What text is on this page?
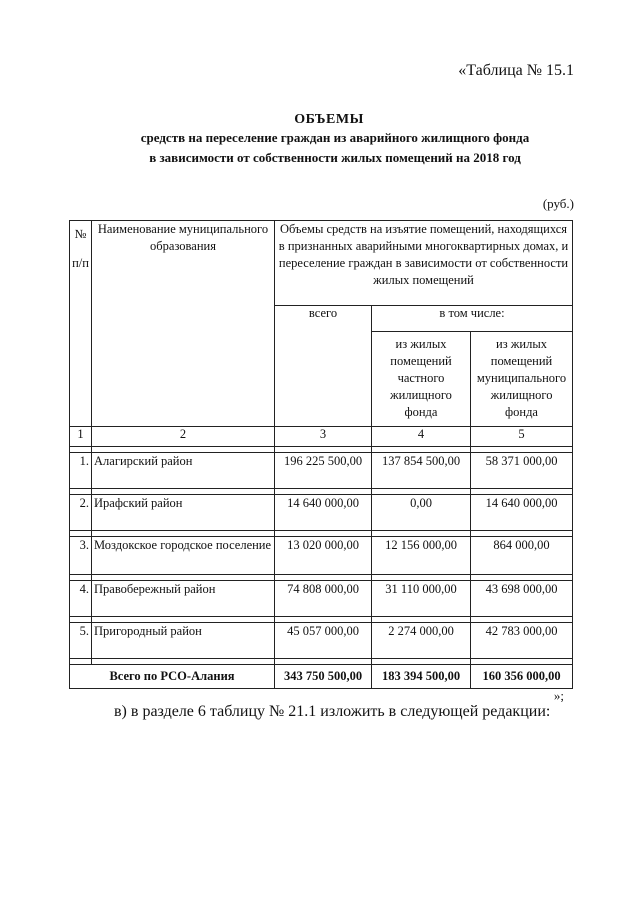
«Таблица № 15.1
ОБЪЕМЫ
средств на переселение граждан из аварийного жилищного фонда
в зависимости от собственности жилых помещений на 2018 год
(руб.)
№
п/п	Наименование муниципального образования	Объемы средств на изъятие помещений, находящихся в признанных аварийными многоквартирных домах, и переселение граждан в зависимости от собственности жилых помещений		
		всего	в том числе:	
			из жилых помещений частного жилищного фонда	из жилых помещений муниципального жилищного фонда
1	2	3	4	5

1.	Алагирский район	196 225 500,00	137 854 500,00	58 371 000,00

2.	Ирафский район	14 640 000,00	0,00	14 640 000,00

3.	Моздокское городское поселение	13 020 000,00	12 156 000,00	864 000,00

4.	Правобережный район	74 808 000,00	31 110 000,00	43 698 000,00

5.	Пригородный район	45 057 000,00	2 274 000,00	42 783 000,00

Всего по РСО-Алания		343 750 500,00	183 394 500,00	160 356 000,00
»;
в) в разделе 6 таблицу № 21.1 изложить в следующей редакции:
